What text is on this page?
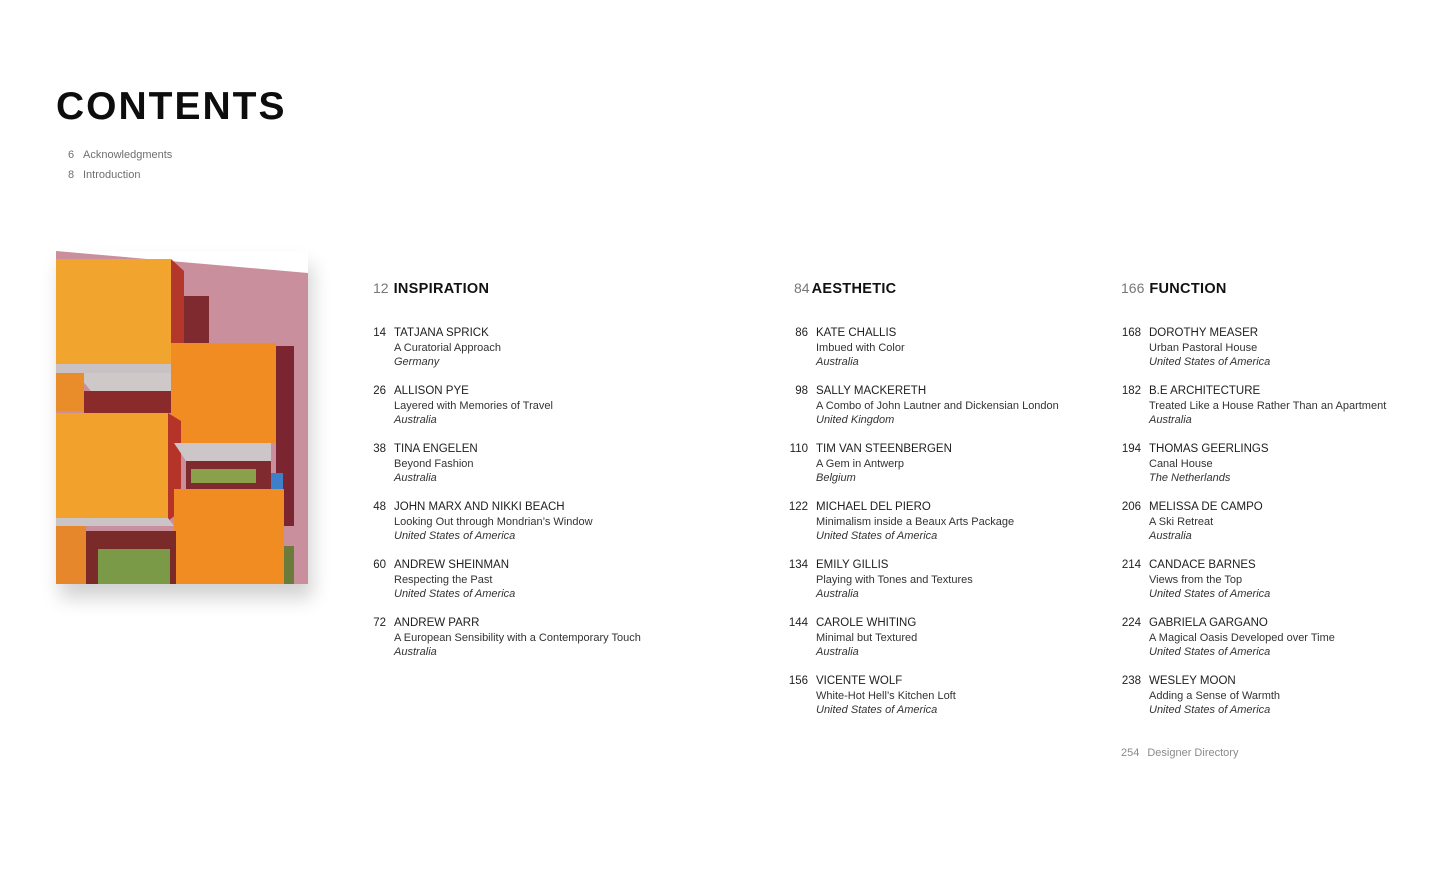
CONTENTS
6 Acknowledgments
8 Introduction
12 INSPIRATION
14 TATJANA SPRICK
A Curatorial Approach
Germany
26 ALLISON PYE
Layered with Memories of Travel
Australia
38 TINA ENGELEN
Beyond Fashion
Australia
48 JOHN MARX AND NIKKI BEACH
Looking Out through Mondrian’s Window
United States of America
60 ANDREW SHEINMAN
Respecting the Past
United States of America
72 ANDREW PARR
A European Sensibility with a Contemporary Touch
Australia
84 AESTHETIC
86 KATE CHALLIS
Imbued with Color
Australia
98 SALLY MACKERETH
A Combo of John Lautner and Dickensian London
United Kingdom
110 TIM VAN STEENBERGEN
A Gem in Antwerp
Belgium
122 MICHAEL DEL PIERO
Minimalism inside a Beaux Arts Package
United States of America
134 EMILY GILLIS
Playing with Tones and Textures
Australia
144 CAROLE WHITING
Minimal but Textured
Australia
156 VICENTE WOLF
White-Hot Hell’s Kitchen Loft
United States of America
166 FUNCTION
168 DOROTHY MEASER
Urban Pastoral House
United States of America
182 B.E ARCHITECTURE
Treated Like a House Rather Than an Apartment
Australia
194 THOMAS GEERLINGS
Canal House
The Netherlands
206 MELISSA DE CAMPO
A Ski Retreat
Australia
214 CANDACE BARNES
Views from the Top
United States of America
224 GABRIELA GARGANO
A Magical Oasis Developed over Time
United States of America
238 WESLEY MOON
Adding a Sense of Warmth
United States of America
254 Designer Directory
